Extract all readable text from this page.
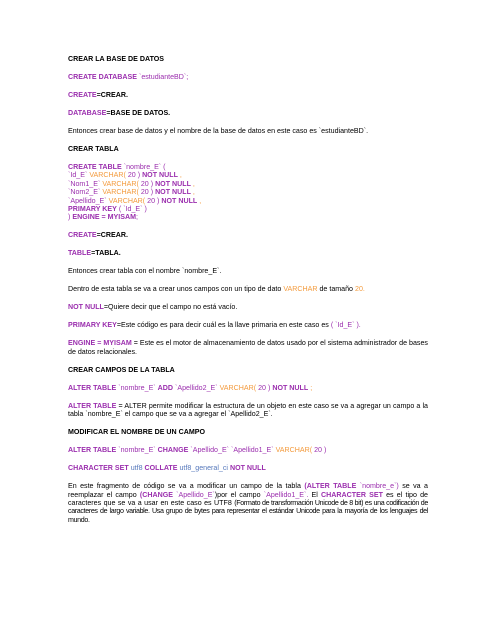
CREAR LA BASE DE DATOS
CREATE DATABASE `estudianteBD`;
CREATE=CREAR.
DATABASE=BASE DE DATOS.
Entonces crear base de datos y el nombre de la base de datos en este caso es `estudianteBD`.
CREAR TABLA
CREATE TABLE `nombre_E` (
`Id_E` VARCHAR( 20 ) NOT NULL ,
`Nom1_E` VARCHAR( 20 ) NOT NULL ,
`Nom2_E` VARCHAR( 20 ) NOT NULL ,
`Apellido_E` VARCHAR( 20 ) NOT NULL ,
PRIMARY KEY ( `Id_E` )
) ENGINE = MYISAM;
CREATE=CREAR.
TABLE=TABLA.
Entonces crear tabla con el nombre `nombre_E`.
Dentro de esta tabla se va a crear unos campos con un tipo de dato VARCHAR de tamaño 20.
NOT NULL=Quiere decir que el campo no está vacío.
PRIMARY KEY=Este código es para decir cuál es la llave primaria en este caso es ( `Id_E` ).
ENGINE = MYISAM = Este es el motor de almacenamiento de datos usado por el sistema administrador de bases de datos relacionales.
CREAR CAMPOS DE LA TABLA
ALTER TABLE `nombre_E` ADD `Apellido2_E` VARCHAR( 20 ) NOT NULL ;
ALTER TABLE = ALTER permite modificar la estructura de un objeto en este caso se va a agregar un campo a la tabla `nombre_E` el campo que se va a agregar el `Apellido2_E`.
MODIFICAR EL NOMBRE DE UN CAMPO
ALTER TABLE `nombre_E` CHANGE `Apellido_E` `Apellido1_E` VARCHAR( 20 )
CHARACTER SET utf8 COLLATE utf8_general_ci NOT NULL
En este fragmento de código se va a modificar un campo de la tabla (ALTER TABLE `nombre_e`) se va a reemplazar el campo (CHANGE `Apellido_E`)por el campo `Apellido1_E`. El CHARACTER SET es el tipo de caracteres que se va a usar en este caso es UTF8 (Formato de transformación Unicode de 8 bit) es una codificación de caracteres de largo variable. Usa grupo de bytes para representar el estándar Unicode para la mayoría de los lenguajes del mundo.
